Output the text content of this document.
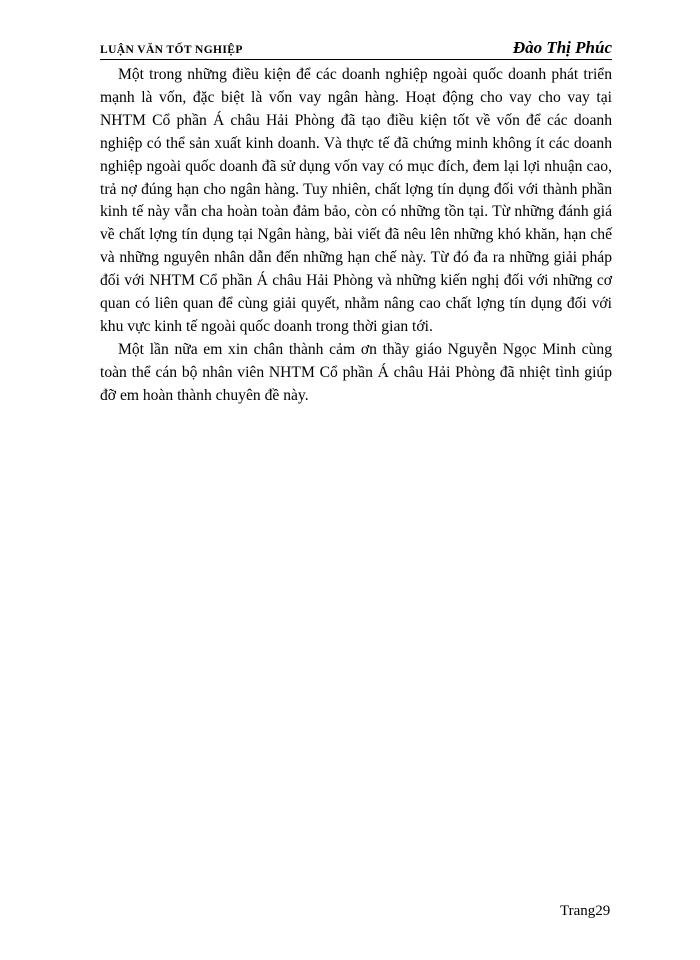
LUẬN VĂN TỐT NGHIỆP	Đào Thị Phúc

Một trong những điều kiện để các doanh nghiệp ngoài quốc doanh phát triển mạnh là vốn, đặc biệt là vốn vay ngân hàng. Hoạt động cho vay cho vay tại NHTM Cổ phần Á châu Hải Phòng đã tạo điều kiện tốt về vốn để các doanh nghiệp có thể sản xuất kinh doanh. Và thực tế đã chứng minh không ít các doanh nghiệp ngoài quốc doanh đã sử dụng vốn vay có mục đích, đem lại lợi nhuận cao, trả nợ đúng hạn cho ngân hàng. Tuy nhiên, chất lợng tín dụng đối với thành phần kinh tế này vẫn cha hoàn toàn đảm bảo, còn có những tồn tại. Từ những đánh giá về chất lợng tín dụng tại Ngân hàng, bài viết đã nêu lên những khó khăn, hạn chế và những nguyên nhân dẫn đến những hạn chế này. Từ đó đa ra những giải pháp đối với NHTM Cổ phần Á châu Hải Phòng và những kiến nghị đối với những cơ quan có liên quan để cùng giải quyết, nhằm nâng cao chất lợng tín dụng đối với khu vực kinh tế ngoài quốc doanh trong thời gian tới.

Một lần nữa em xin chân thành cảm ơn thầy giáo Nguyễn Ngọc Minh cùng toàn thể cán bộ nhân viên NHTM Cổ phần Á châu Hải Phòng đã nhiệt tình giúp đỡ em hoàn thành chuyên đề này.

Trang29
